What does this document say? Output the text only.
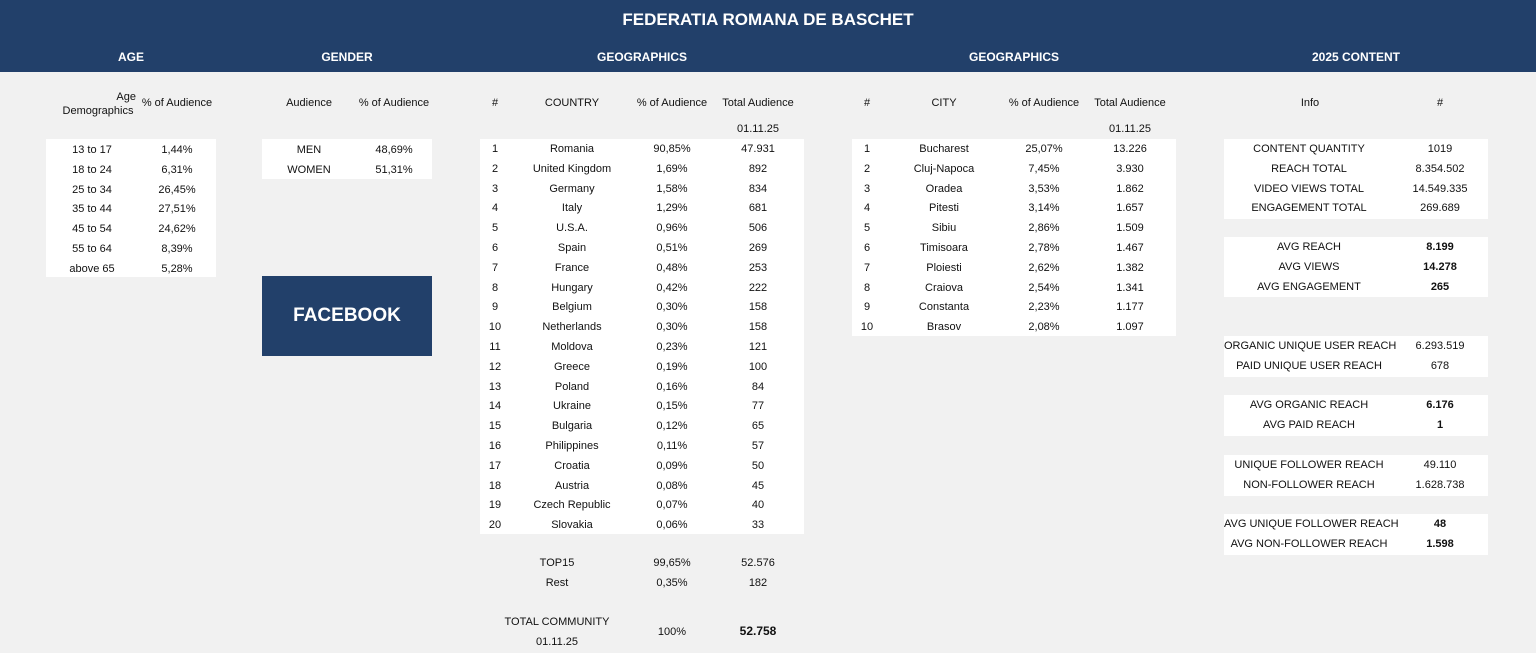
FEDERATIA ROMANA DE BASCHET
AGE	GENDER	GEOGRAPHICS	GEOGRAPHICS	2025 CONTENT
Age
Demographics
% of Audience
13 to 17	1,44%
18 to 24	6,31%
25 to 34	26,45%
35 to 44	27,51%
45 to 54	24,62%
55 to 64	8,39%
above 65	5,28%
Audience	% of Audience
MEN	48,69%
WOMEN	51,31%
FACEBOOK
#	COUNTRY	% of Audience	Total Audience
01.11.25
1	Romania	90,85%	47.931
2	United Kingdom	1,69%	892
3	Germany	1,58%	834
4	Italy	1,29%	681
5	U.S.A.	0,96%	506
6	Spain	0,51%	269
7	France	0,48%	253
8	Hungary	0,42%	222
9	Belgium	0,30%	158
10	Netherlands	0,30%	158
11	Moldova	0,23%	121
12	Greece	0,19%	100
13	Poland	0,16%	84
14	Ukraine	0,15%	77
15	Bulgaria	0,12%	65
16	Philippines	0,11%	57
17	Croatia	0,09%	50
18	Austria	0,08%	45
19	Czech Republic	0,07%	40
20	Slovakia	0,06%	33
TOP15	99,65%	52.576
Rest	0,35%	182
TOTAL COMMUNITY
01.11.25
100%	52.758
#	CITY	% of Audience	Total Audience
01.11.25
1	Bucharest	25,07%	13.226
2	Cluj-Napoca	7,45%	3.930
3	Oradea	3,53%	1.862
4	Pitesti	3,14%	1.657
5	Sibiu	2,86%	1.509
6	Timisoara	2,78%	1.467
7	Ploiesti	2,62%	1.382
8	Craiova	2,54%	1.341
9	Constanta	2,23%	1.177
10	Brasov	2,08%	1.097
Info	#
CONTENT QUANTITY	1019
REACH TOTAL	8.354.502
VIDEO VIEWS TOTAL	14.549.335
ENGAGEMENT TOTAL	269.689
AVG REACH	8.199
AVG VIEWS	14.278
AVG ENGAGEMENT	265
ORGANIC UNIQUE USER REACH	6.293.519
PAID UNIQUE USER REACH	678
AVG ORGANIC REACH	6.176
AVG PAID REACH	1
UNIQUE FOLLOWER REACH	49.110
NON-FOLLOWER REACH	1.628.738
AVG UNIQUE FOLLOWER REACH	48
AVG NON-FOLLOWER REACH	1.598
